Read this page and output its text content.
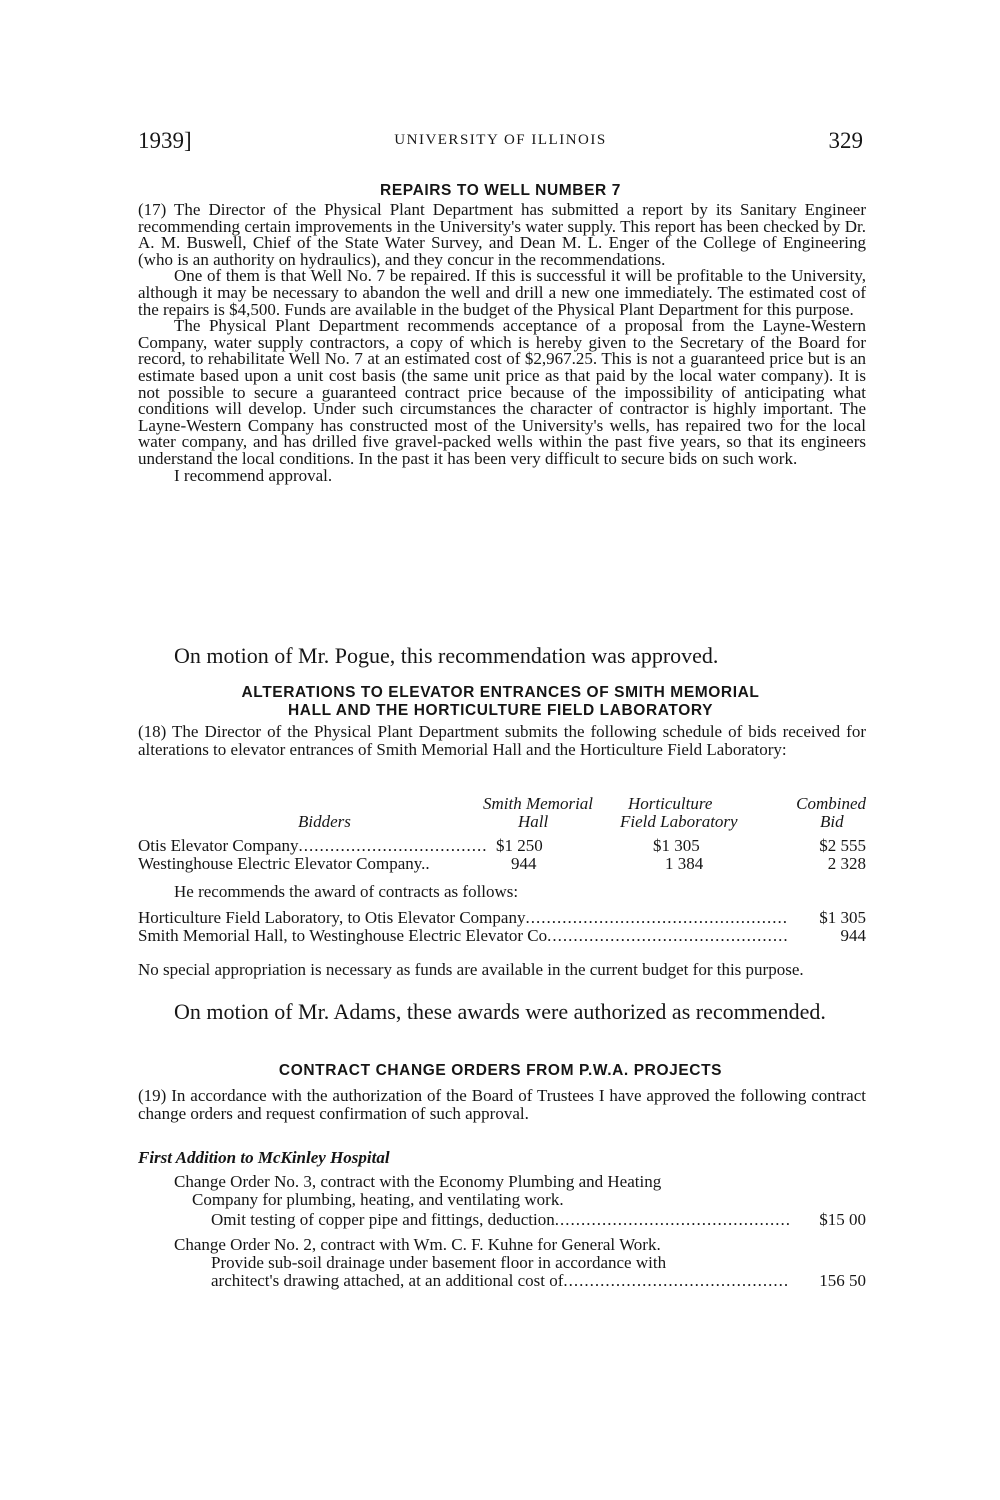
1939]	UNIVERSITY OF ILLINOIS	329
REPAIRS TO WELL NUMBER 7

(17) The Director of the Physical Plant Department has submitted a report by its Sanitary Engineer recommending certain improvements in the University's water supply. This report has been checked by Dr. A. M. Buswell, Chief of the State Water Survey, and Dean M. L. Enger of the College of Engineering (who is an authority on hydraulics), and they concur in the recommendations.

One of them is that Well No. 7 be repaired. If this is successful it will be profitable to the University, although it may be necessary to abandon the well and drill a new one immediately. The estimated cost of the repairs is $4,500. Funds are available in the budget of the Physical Plant Department for this purpose.

The Physical Plant Department recommends acceptance of a proposal from the Layne-Western Company, water supply contractors, a copy of which is hereby given to the Secretary of the Board for record, to rehabilitate Well No. 7 at an estimated cost of $2,967.25. This is not a guaranteed price but is an estimate based upon a unit cost basis (the same unit price as that paid by the local water company). It is not possible to secure a guaranteed contract price because of the impossibility of anticipating what conditions will develop. Under such circumstances the character of contractor is highly important. The Layne-Western Company has constructed most of the University's wells, has repaired two for the local water company, and has drilled five gravel-packed wells within the past five years, so that its engineers understand the local conditions. In the past it has been very difficult to secure bids on such work.

I recommend approval.

On motion of Mr. Pogue, this recommendation was approved.
ALTERATIONS TO ELEVATOR ENTRANCES OF SMITH MEMORIAL
HALL AND THE HORTICULTURE FIELD LABORATORY
(18) The Director of the Physical Plant Department submits the following schedule of bids received for alterations to elevator entrances of Smith Memorial Hall and the Horticulture Field Laboratory:
Smith Memorial Horticulture	Combined
Bidders	Hall	Field Laboratory	Bid
Otis Elevator Company .....	$1 250	$1 305	$2 555
Westinghouse Electric Elevator Company..	944	1 384	2 328
He recommends the award of contracts as follows:
Horticulture Field Laboratory, to Otis Elevator Company .....	$1 305
Smith Memorial Hall, to Westinghouse Electric Elevator Co .....	944
No special appropriation is necessary as funds are available in the current budget for this purpose.
On motion of Mr. Adams, these awards were authorized as recommended.
CONTRACT CHANGE ORDERS FROM P.W.A. PROJECTS
(19) In accordance with the authorization of the Board of Trustees I have approved the following contract change orders and request confirmation of such approval.
First Addition to McKinley Hospital
Change Order No. 3, contract with the Economy Plumbing and Heating
Company for plumbing, heating, and ventilating work.
Omit testing of copper pipe and fittings, deduction .....	$15 00
Change Order No. 2, contract with Wm. C. F. Kuhne for General Work.
Provide sub-soil drainage under basement floor in accordance with
architect's drawing attached, at an additional cost of .....	156 50
